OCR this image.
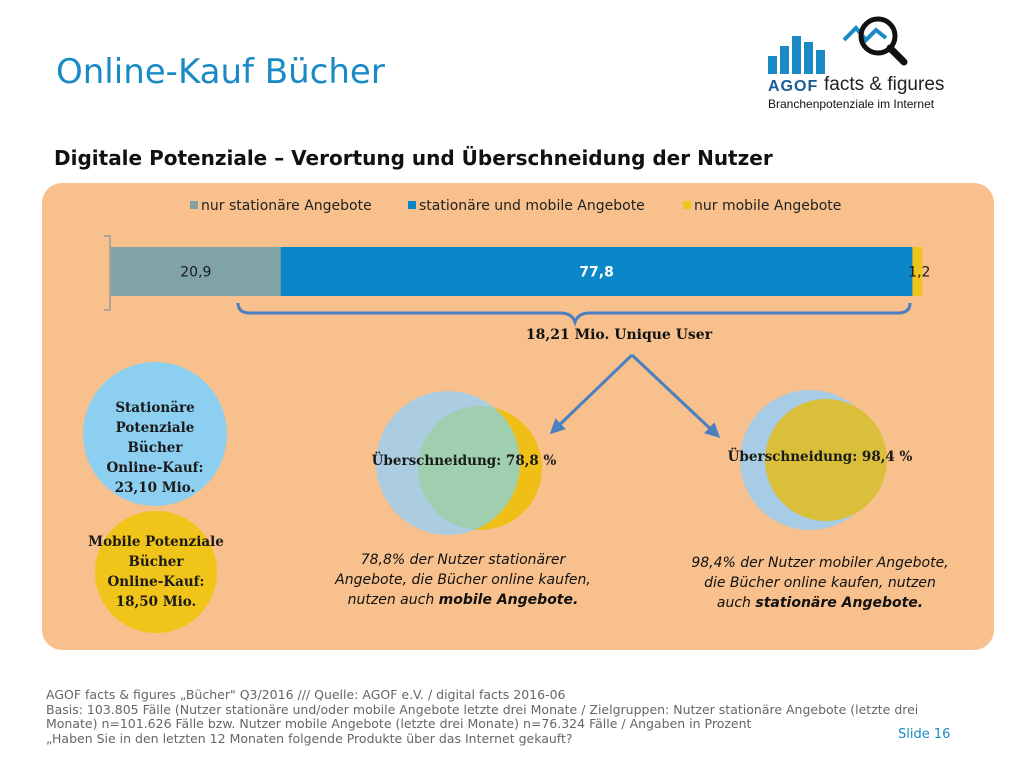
Online-Kauf Bücher	AGOF facts & figures
Branchenpotenziale im Internet
Digitale Potenziale – Verortung und Überschneidung der Nutzer
nur stationäre Angebote	stationäre und mobile Angebote	nur mobile Angebote
20,9	77,8	1,2
18,21 Mio. Unique User
Überschneidung: 78,8 %	Überschneidung: 98,4 %
Stationäre Potenziale
Bücher
Online-Kauf:
23,10 Mio.
Mobile Potenziale
Bücher
Online-Kauf:
18,50 Mio.
78,8% der Nutzer stationärer Angebote, die Bücher online kaufen, nutzen auch mobile Angebote.
98,4% der Nutzer mobiler Angebote, die Bücher online kaufen, nutzen auch stationäre Angebote.
AGOF facts & figures „Bücher" Q3/2016 /// Quelle: AGOF e.V. / digital facts 2016-06
Basis: 103.805 Fälle (Nutzer stationäre und/oder mobile Angebote letzte drei Monate / Zielgruppen: Nutzer stationäre Angebote (letzte drei Monate) n=101.626 Fälle bzw. Nutzer mobile Angebote (letzte drei Monate) n=76.324 Fälle / Angaben in Prozent
„Haben Sie in den letzten 12 Monaten folgende Produkte über das Internet gekauft?	Slide 16
